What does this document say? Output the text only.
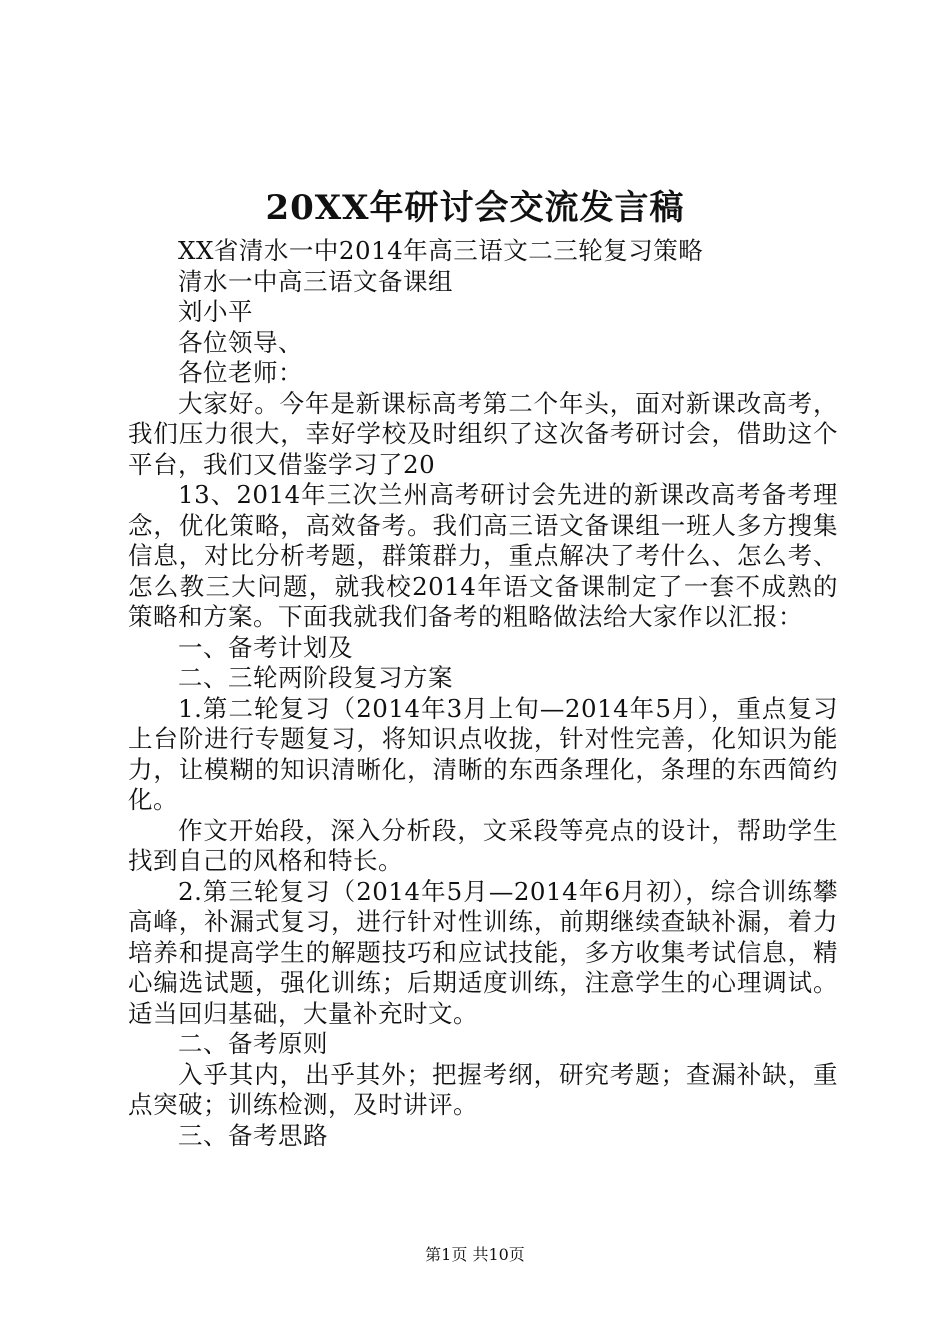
20XX年研讨会交流发言稿

XX省清水一中2014年高三语文二三轮复习策略

清水一中高三语文备课组

刘小平

各位领导、

各位老师：

大家好。今年是新课标高考第二个年头，面对新课改高考，我们压力很大，幸好学校及时组织了这次备考研讨会，借助这个平台，我们又借鉴学习了20

13、2014年三次兰州高考研讨会先进的新课改高考备考理念，优化策略，高效备考。我们高三语文备课组一班人多方搜集信息，对比分析考题，群策群力，重点解决了考什么、怎么考、怎么教三大问题，就我校2014年语文备课制定了一套不成熟的策略和方案。下面我就我们备考的粗略做法给大家作以汇报：

一、备考计划及

二、三轮两阶段复习方案

1.第二轮复习（2014年3月上旬—2014年5月），重点复习上台阶进行专题复习，将知识点收拢，针对性完善，化知识为能力，让模糊的知识清晰化，清晰的东西条理化，条理的东西简约化。

作文开始段，深入分析段，文采段等亮点的设计，帮助学生找到自己的风格和特长。

2.第三轮复习（2014年5月—2014年6月初），综合训练攀高峰，补漏式复习，进行针对性训练，前期继续查缺补漏，着力培养和提高学生的解题技巧和应试技能，多方收集考试信息，精心编选试题，强化训练；后期适度训练，注意学生的心理调试。适当回归基础，大量补充时文。

二、备考原则

入乎其内，出乎其外；把握考纲，研究考题；查漏补缺，重点突破；训练检测，及时讲评。

三、备考思路

第1页 共10页
